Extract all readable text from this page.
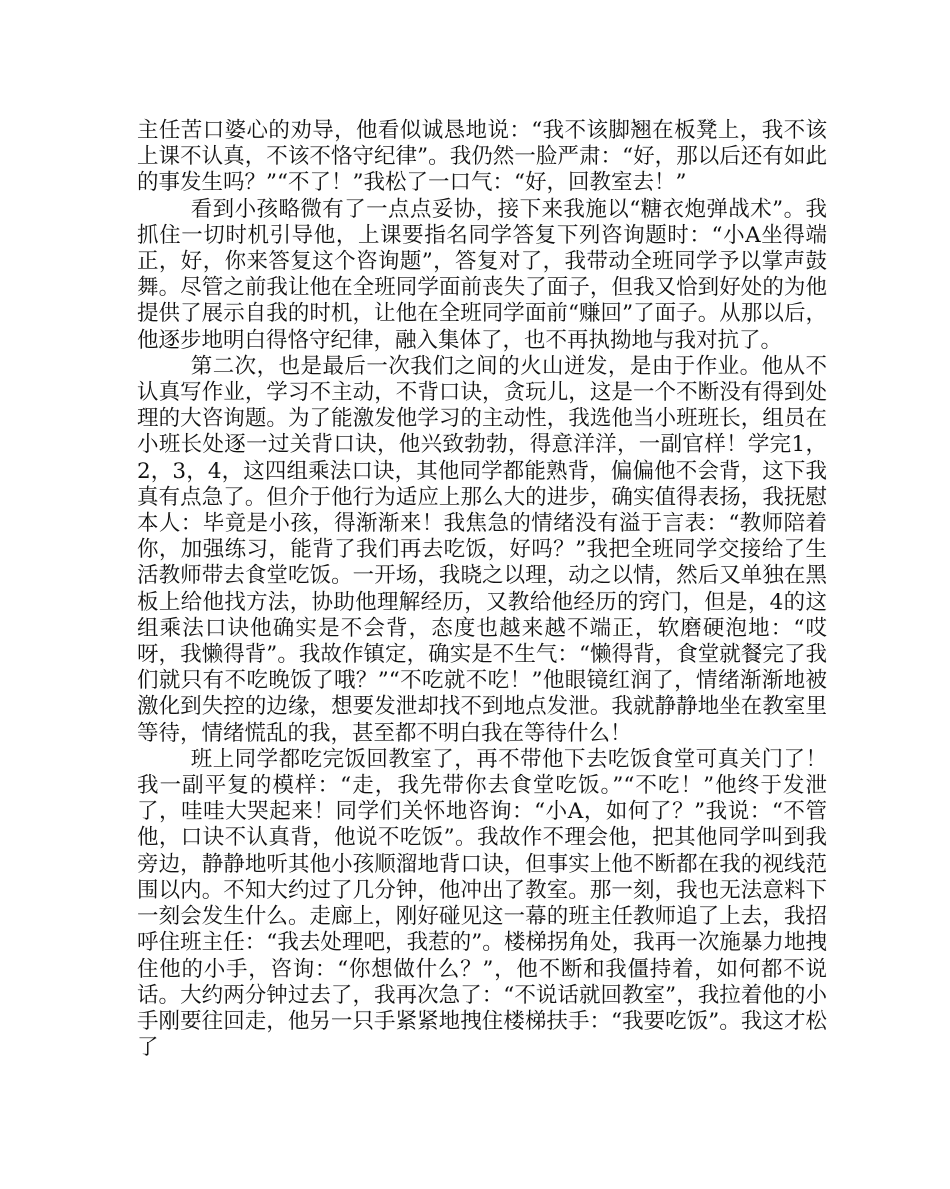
主任苦口婆心的劝导，他看似诚恳地说：“我不该脚翘在板凳上，我不该上课不认真，不该不恪守纪律”。我仍然一脸严肃：“好，那以后还有如此的事发生吗？”“不了！”我松了一口气：“好，回教室去！”

看到小孩略微有了一点点妥协，接下来我施以“糖衣炮弹战术”。我抓住一切时机引导他，上课要指名同学答复下列咨询题时：“小A坐得端正，好，你来答复这个咨询题”，答复对了，我带动全班同学予以掌声鼓舞。尽管之前我让他在全班同学面前丧失了面子，但我又恰到好处的为他提供了展示自我的时机，让他在全班同学面前“赚回”了面子。从那以后，他逐步地明白得恪守纪律，融入集体了，也不再执拗地与我对抗了。

第二次，也是最后一次我们之间的火山迸发，是由于作业。他从不认真写作业，学习不主动，不背口诀，贪玩儿，这是一个不断没有得到处理的大咨询题。为了能激发他学习的主动性，我选他当小班班长，组员在小班长处逐一过关背口诀，他兴致勃勃，得意洋洋，一副官样！学完1，2，3，4，这四组乘法口诀，其他同学都能熟背，偏偏他不会背，这下我真有点急了。但介于他行为适应上那么大的进步，确实值得表扬，我抚慰本人：毕竟是小孩，得渐渐来！我焦急的情绪没有溢于言表：“教师陪着你，加强练习，能背了我们再去吃饭，好吗？”我把全班同学交接给了生活教师带去食堂吃饭。一开场，我晓之以理，动之以情，然后又单独在黑板上给他找方法，协助他理解经历，又教给他经历的窍门，但是，4的这组乘法口诀他确实是不会背，态度也越来越不端正，软磨硬泡地：“哎呀，我懒得背”。我故作镇定，确实是不生气：“懒得背，食堂就餐完了我们就只有不吃晚饭了哦？”“不吃就不吃！”他眼镜红润了，情绪渐渐地被激化到失控的边缘，想要发泄却找不到地点发泄。我就静静地坐在教室里等待，情绪慌乱的我，甚至都不明白我在等待什么！

班上同学都吃完饭回教室了，再不带他下去吃饭食堂可真关门了！我一副平复的模样：“走，我先带你去食堂吃饭。”“不吃！”他终于发泄了，哇哇大哭起来！同学们关怀地咨询：“小A，如何了？”我说：“不管他，口诀不认真背，他说不吃饭”。我故作不理会他，把其他同学叫到我旁边，静静地听其他小孩顺溜地背口诀，但事实上他不断都在我的视线范围以内。不知大约过了几分钟，他冲出了教室。那一刻，我也无法意料下一刻会发生什么。走廊上，刚好碰见这一幕的班主任教师追了上去，我招呼住班主任：“我去处理吧，我惹的”。楼梯拐角处，我再一次施暴力地拽住他的小手，咨询：“你想做什么？”，他不断和我僵持着，如何都不说话。大约两分钟过去了，我再次急了：“不说话就回教室”，我拉着他的小手刚要往回走，他另一只手紧紧地拽住楼梯扶手：“我要吃饭”。我这才松了
